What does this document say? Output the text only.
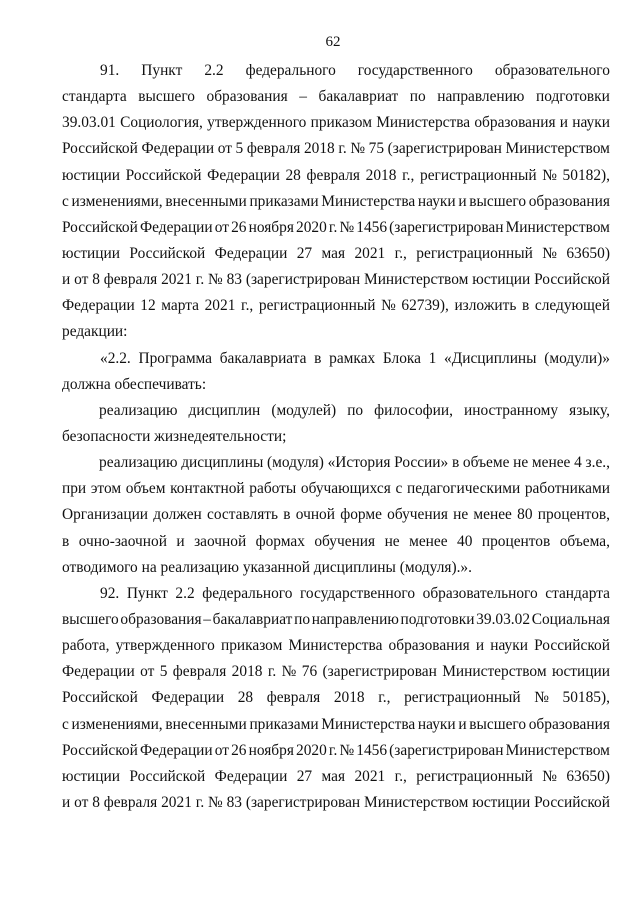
62
91. Пункт 2.2 федерального государственного образовательного
стандарта высшего образования – бакалавриат по направлению подготовки
39.03.01 Социология, утвержденного приказом Министерства образования и науки
Российской Федерации от 5 февраля 2018 г. № 75 (зарегистрирован Министерством
юстиции Российской Федерации 28 февраля 2018 г., регистрационный № 50182),
с изменениями, внесенными приказами Министерства науки и высшего образования
Российской Федерации от 26 ноября 2020 г. № 1456 (зарегистрирован Министерством
юстиции Российской Федерации 27 мая 2021 г., регистрационный № 63650)
и от 8 февраля 2021 г. № 83 (зарегистрирован Министерством юстиции Российской
Федерации 12 марта 2021 г., регистрационный № 62739), изложить в следующей
редакции:
«2.2. Программа бакалавриата в рамках Блока 1 «Дисциплины (модули)»
должна обеспечивать:
реализацию дисциплин (модулей) по философии, иностранному языку,
безопасности жизнедеятельности;
реализацию дисциплины (модуля) «История России» в объеме не менее 4 з.е.,
при этом объем контактной работы обучающихся с педагогическими работниками
Организации должен составлять в очной форме обучения не менее 80 процентов,
в очно-заочной и заочной формах обучения не менее 40 процентов объема,
отводимого на реализацию указанной дисциплины (модуля).».
92. Пункт 2.2 федерального государственного образовательного стандарта
высшего образования – бакалавриат по направлению подготовки 39.03.02 Социальная
работа, утвержденного приказом Министерства образования и науки Российской
Федерации от 5 февраля 2018 г. № 76 (зарегистрирован Министерством юстиции
Российской Федерации 28 февраля 2018 г., регистрационный № 50185),
с изменениями, внесенными приказами Министерства науки и высшего образования
Российской Федерации от 26 ноября 2020 г. № 1456 (зарегистрирован Министерством
юстиции Российской Федерации 27 мая 2021 г., регистрационный № 63650)
и от 8 февраля 2021 г. № 83 (зарегистрирован Министерством юстиции Российской
